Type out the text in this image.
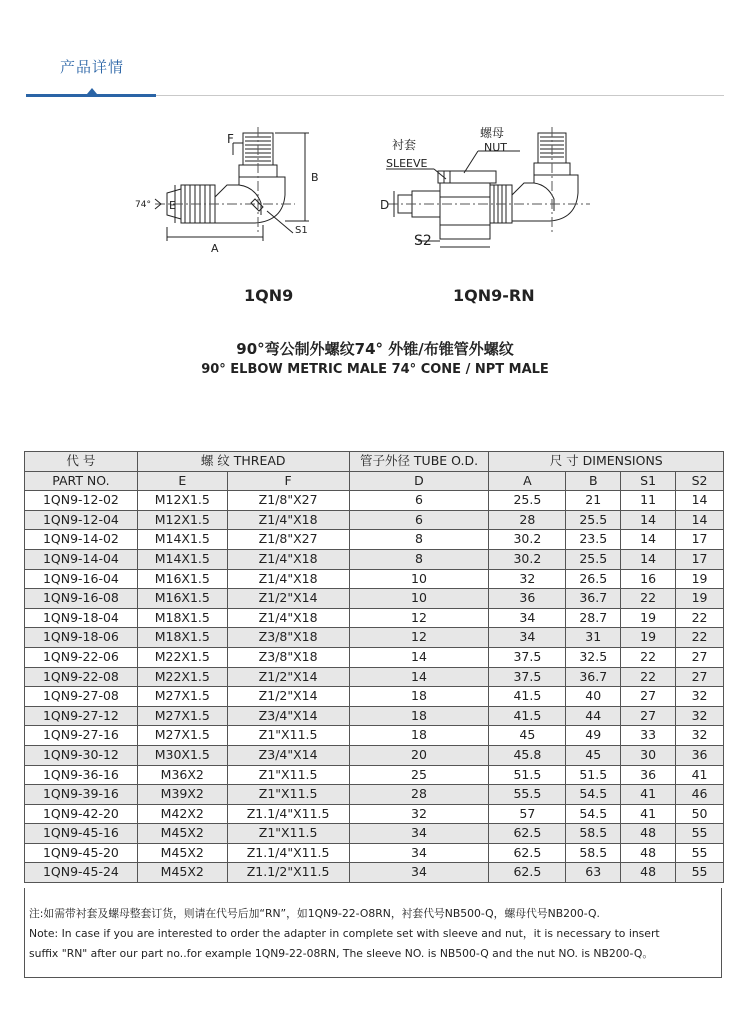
产品详情
F
B
E
A
S1
74°
1QN9
衬套
SLEEVE
螺母
NUT
D
S2
1QN9-RN
90°弯公制外螺纹74° 外锥/布锥管外螺纹
90° ELBOW METRIC MALE 74° CONE / NPT MALE
代 号	螺 纹 THREAD		管子外径 TUBE O.D.	尺 寸 DIMENSIONS			
PART NO.	E	F	D	A	B	S1	S2
1QN9-12-02	M12X1.5	Z1/8"X27	6	25.5	21	11	14
1QN9-12-04	M12X1.5	Z1/4"X18	6	28	25.5	14	14
1QN9-14-02	M14X1.5	Z1/8"X27	8	30.2	23.5	14	17
1QN9-14-04	M14X1.5	Z1/4"X18	8	30.2	25.5	14	17
1QN9-16-04	M16X1.5	Z1/4"X18	10	32	26.5	16	19
1QN9-16-08	M16X1.5	Z1/2"X14	10	36	36.7	22	19
1QN9-18-04	M18X1.5	Z1/4"X18	12	34	28.7	19	22
1QN9-18-06	M18X1.5	Z3/8"X18	12	34	31	19	22
1QN9-22-06	M22X1.5	Z3/8"X18	14	37.5	32.5	22	27
1QN9-22-08	M22X1.5	Z1/2"X14	14	37.5	36.7	22	27
1QN9-27-08	M27X1.5	Z1/2"X14	18	41.5	40	27	32
1QN9-27-12	M27X1.5	Z3/4"X14	18	41.5	44	27	32
1QN9-27-16	M27X1.5	Z1"X11.5	18	45	49	33	32
1QN9-30-12	M30X1.5	Z3/4"X14	20	45.8	45	30	36
1QN9-36-16	M36X2	Z1"X11.5	25	51.5	51.5	36	41
1QN9-39-16	M39X2	Z1"X11.5	28	55.5	54.5	41	46
1QN9-42-20	M42X2	Z1.1/4"X11.5	32	57	54.5	41	50
1QN9-45-16	M45X2	Z1"X11.5	34	62.5	58.5	48	55
1QN9-45-20	M45X2	Z1.1/4"X11.5	34	62.5	58.5	48	55
1QN9-45-24	M45X2	Z1.1/2"X11.5	34	62.5	63	48	55
注:如需带衬套及螺母整套订货，则请在代号后加“RN”，如1QN9-22-O8RN，衬套代号NB500-Q，螺母代号NB200-Q.
Note: In case if you are interested to order the adapter in complete set with sleeve and nut，it is necessary to insert
suffix "RN" after our part no..for example 1QN9-22-08RN, The sleeve NO. is NB500-Q and the nut NO. is NB200-Q。
